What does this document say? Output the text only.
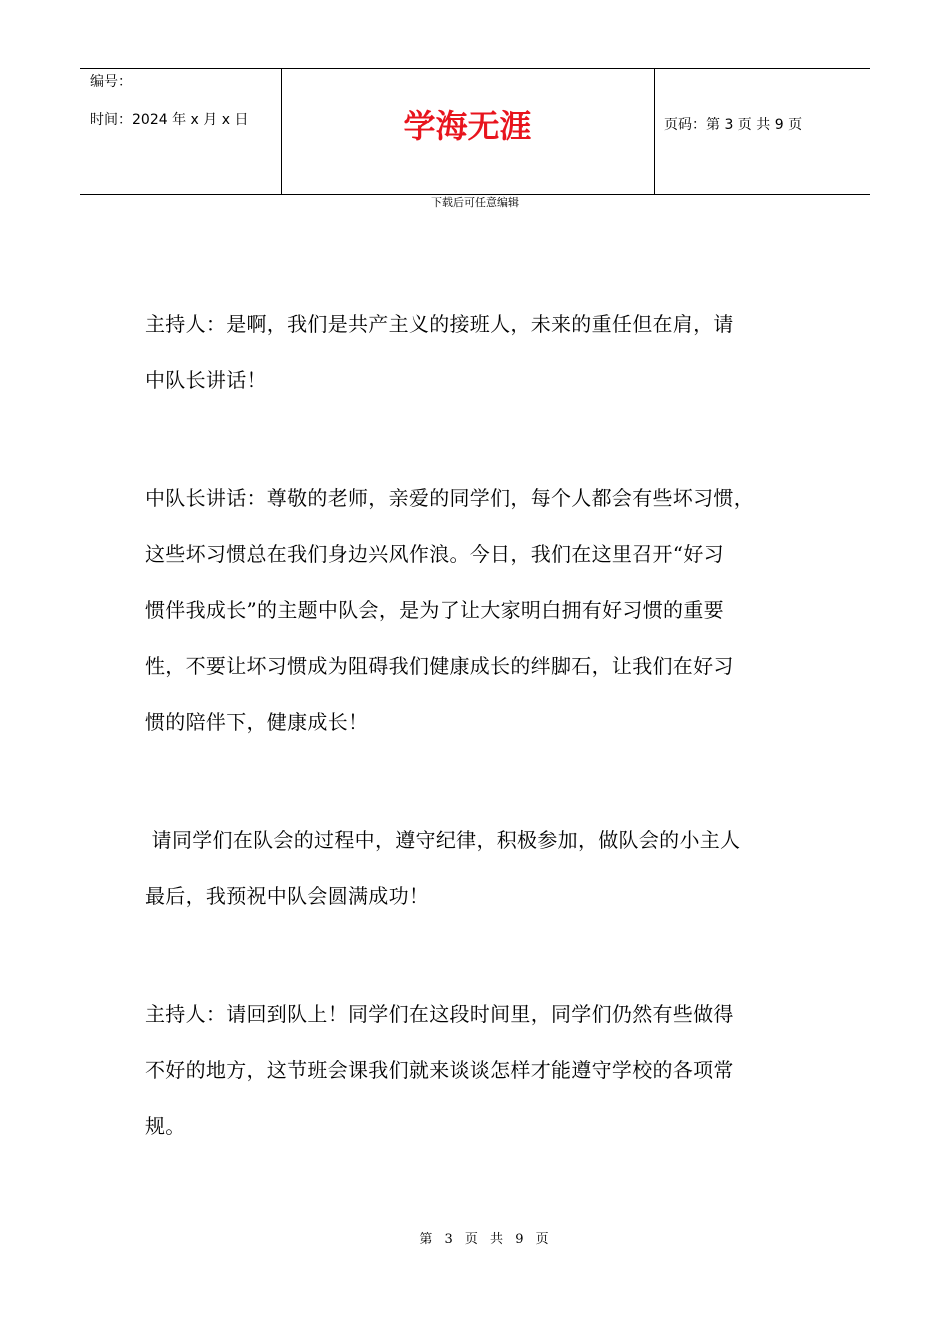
编号：
时间：2024 年 x 月 x 日	学海无涯	页码：第 3 页 共 9 页
下载后可任意编辑

主持人：是啊，我们是共产主义的接班人，未来的重任但在肩，请
中队长讲话！

中队长讲话：尊敬的老师，亲爱的同学们，每个人都会有些坏习惯，
这些坏习惯总在我们身边兴风作浪。今日，我们在这里召开“好习
惯伴我成长”的主题中队会，是为了让大家明白拥有好习惯的重要
性，不要让坏习惯成为阻碍我们健康成长的绊脚石，让我们在好习
惯的陪伴下，健康成长！

请同学们在队会的过程中，遵守纪律，积极参加，做队会的小主人
最后，我预祝中队会圆满成功！

主持人：请回到队上！同学们在这段时间里，同学们仍然有些做得
不好的地方，这节班会课我们就来谈谈怎样才能遵守学校的各项常
规。

第 3 页 共 9 页
